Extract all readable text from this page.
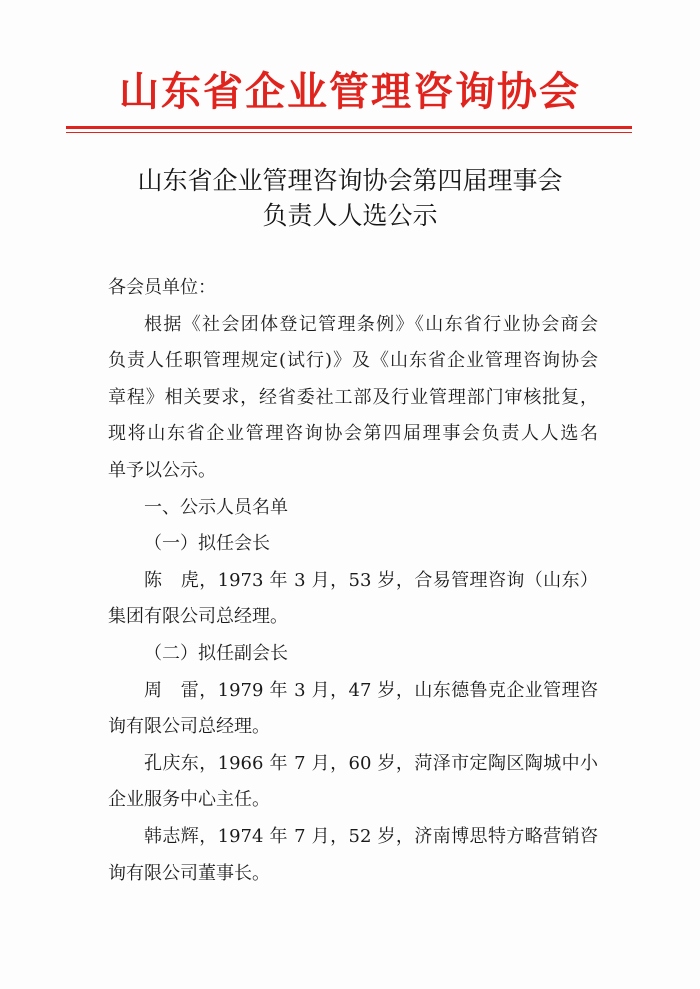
山东省企业管理咨询协会
山东省企业管理咨询协会第四届理事会
负责人人选公示
各会员单位：
根据《社会团体登记管理条例》《山东省行业协会商会
负责人任职管理规定(试行)》及《山东省企业管理咨询协会
章程》相关要求，经省委社工部及行业管理部门审核批复，
现将山东省企业管理咨询协会第四届理事会负责人人选名
单予以公示。
一、公示人员名单
（一）拟任会长
陈　虎，1973 年 3 月，53 岁，合易管理咨询（山东）
集团有限公司总经理。
（二）拟任副会长
周　雷，1979 年 3 月，47 岁，山东德鲁克企业管理咨
询有限公司总经理。
孔庆东，1966 年 7 月，60 岁，菏泽市定陶区陶城中小
企业服务中心主任。
韩志辉，1974 年 7 月，52 岁，济南博思特方略营销咨
询有限公司董事长。
